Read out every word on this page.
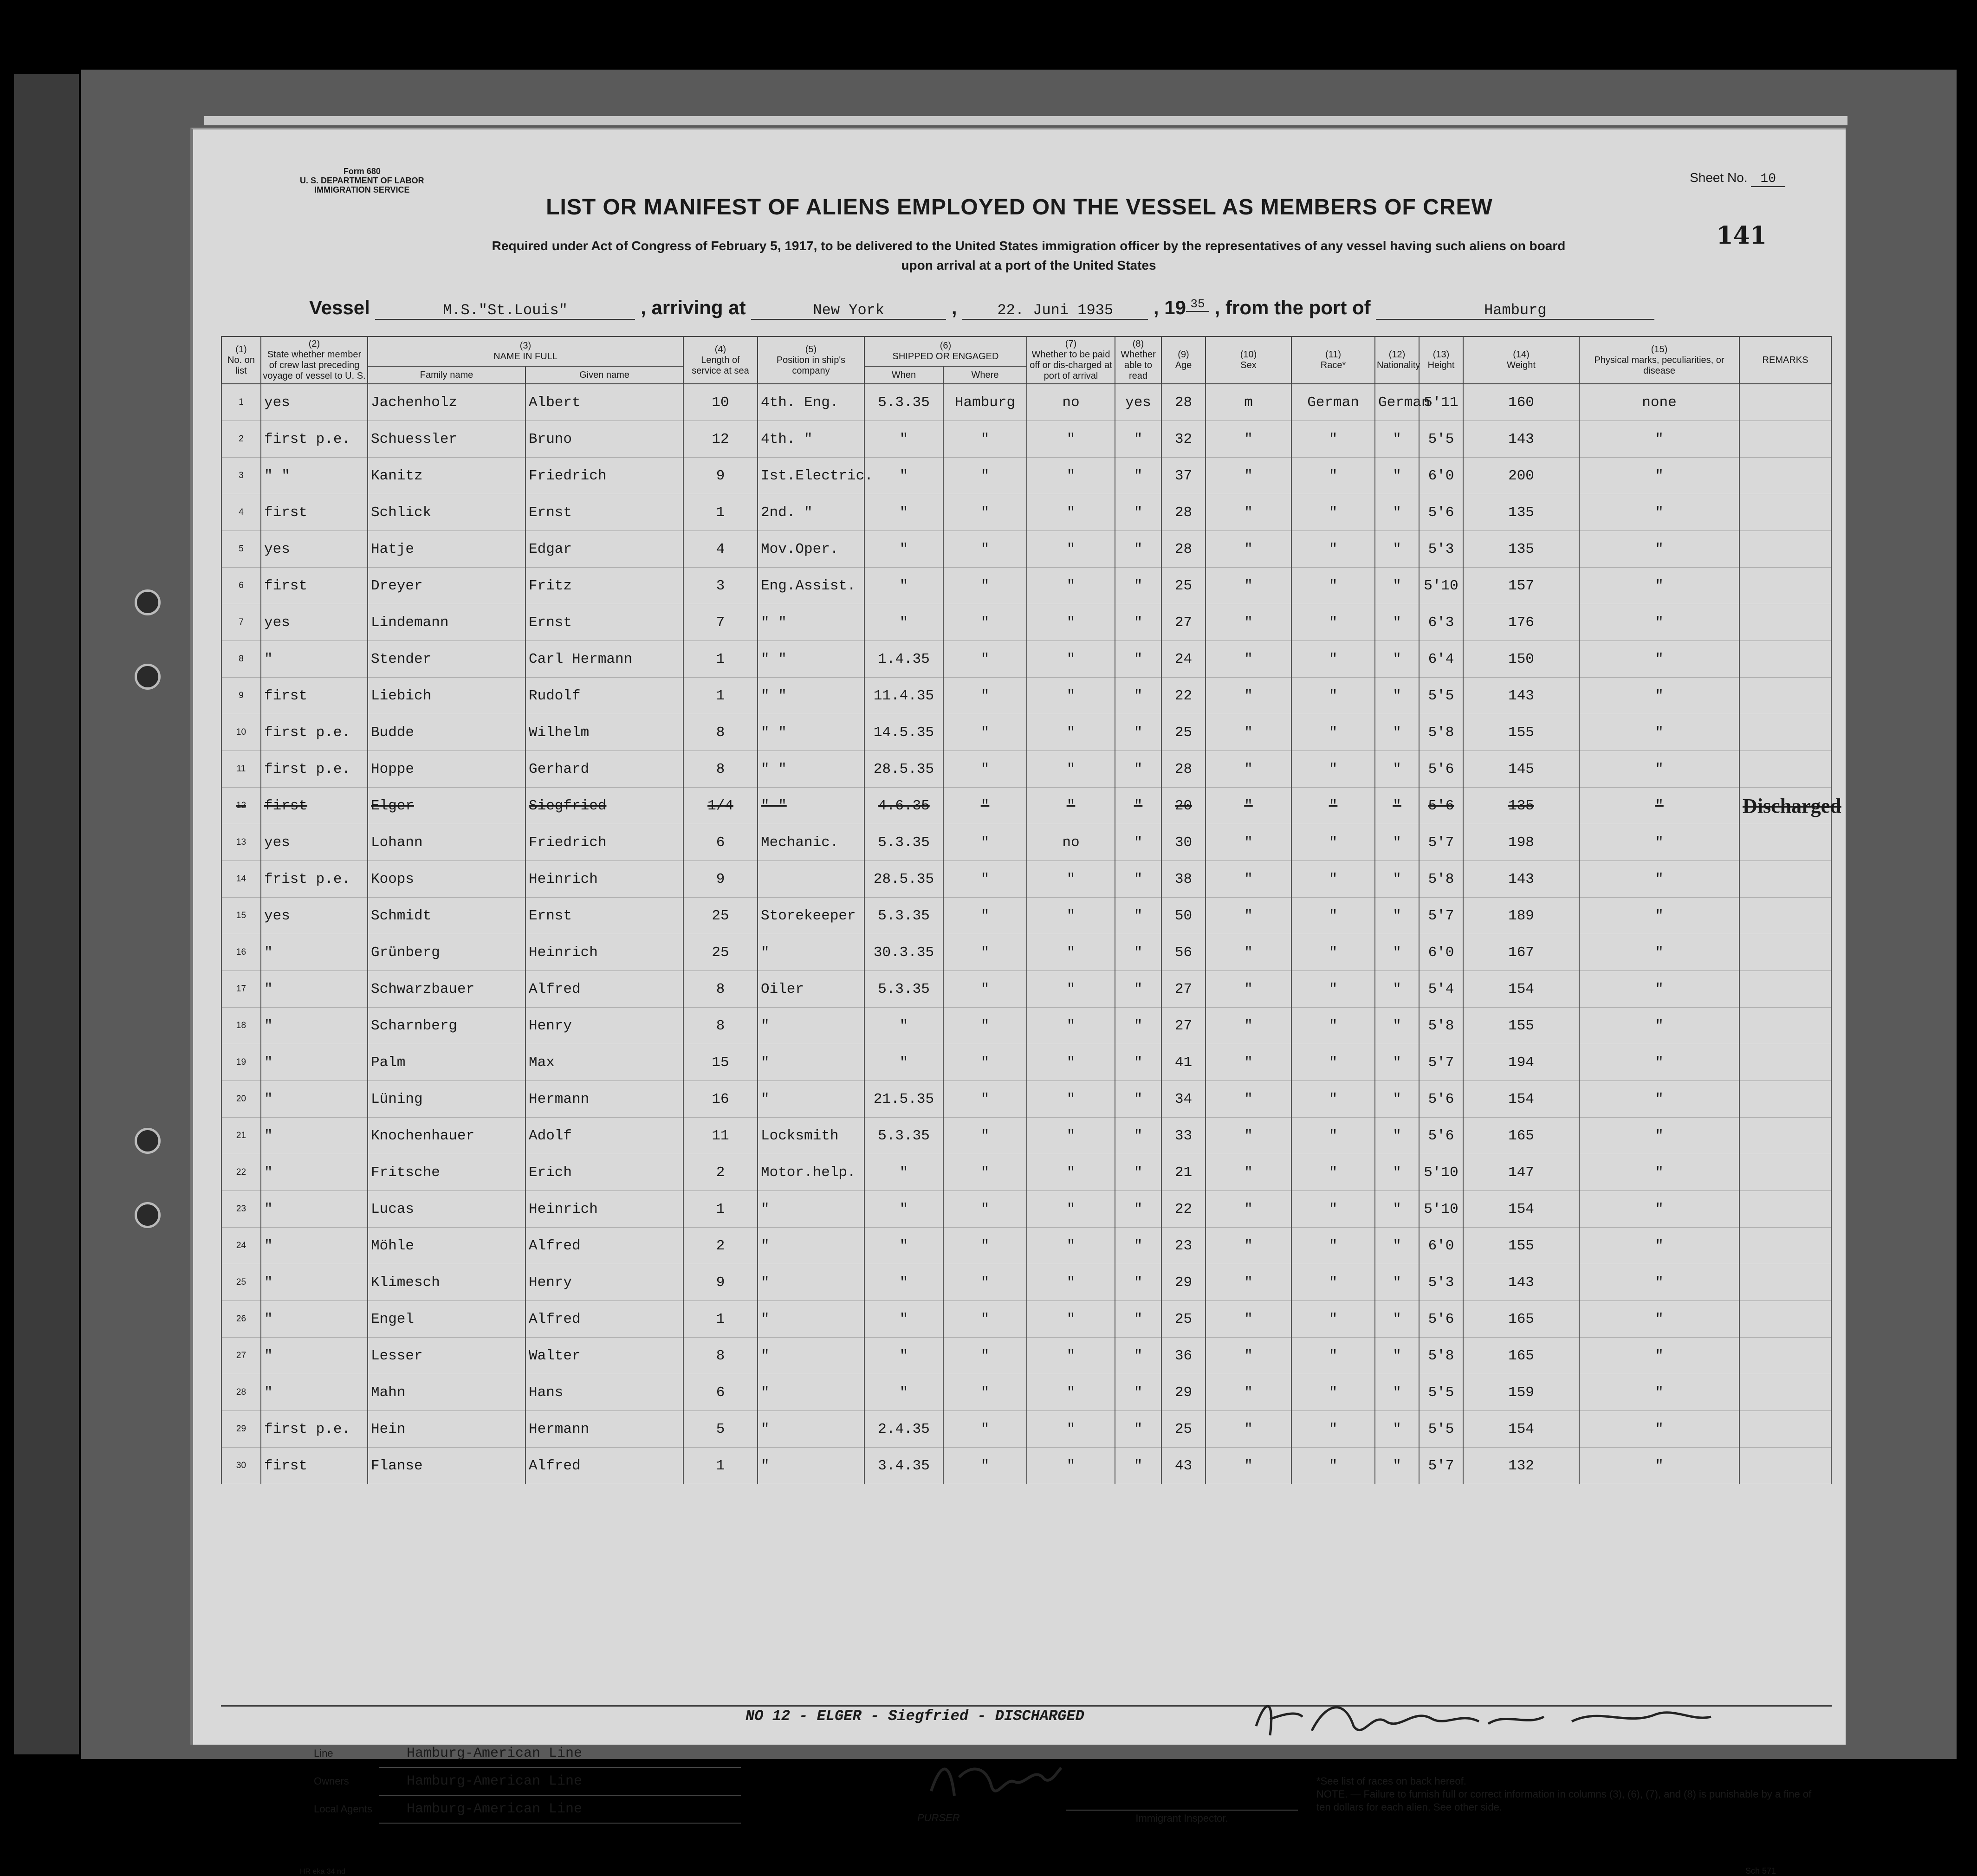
Form 680
U. S. DEPARTMENT OF LABOR
IMMIGRATION SERVICE
Sheet No. 10
141
LIST OR MANIFEST OF ALIENS EMPLOYED ON THE VESSEL AS MEMBERS OF CREW
Required under Act of Congress of February 5, 1917, to be delivered to the United States immigration officer by the representatives of any vessel having such aliens on board
upon arrival at a port of the United States
Vessel	M.S."St.Louis"	, arriving at	New York	,	22. Juni 1935 , 19 35 , from the port of	Hamburg
(1)
No. on list	(2)
State whether member of crew last preceding voyage of vessel to U. S.	(3)
NAME IN FULL		(4)
Length of service at sea	(5)
Position in ship's company	(6)
SHIPPED OR ENGAGED		(7)
Whether to be paid off or dis-charged at port of arrival	(8)
Whether able to read	(9)
Age	(10)
Sex	(11)
Race*	(12)
Nationality	(13)
Height	(14)
Weight	(15)
Physical marks, peculiarities, or disease	REMARKS
		Family name	Given name			When	Where										
1	yes	Jachenholz	Albert	10	4th. Eng.	5.3.35	Hamburg	no	yes	28	m	German	German	5'11	160	none	
2	first p.e.	Schuessler	Bruno	12	4th. "	"	"	"	"	32	"	"	"	5'5	143	"	
3	" "	Kanitz	Friedrich	9	Ist.Electric.	"	"	"	"	37	"	"	"	6'0	200	"	
4	first	Schlick	Ernst	1	2nd. "	"	"	"	"	28	"	"	"	5'6	135	"	
5	yes	Hatje	Edgar	4	Mov.Oper.	"	"	"	"	28	"	"	"	5'3	135	"	
6	first	Dreyer	Fritz	3	Eng.Assist.	"	"	"	"	25	"	"	"	5'10	157	"	
7	yes	Lindemann	Ernst	7	" "	"	"	"	"	27	"	"	"	6'3	176	"	
8	"	Stender	Carl Hermann	1	" "	1.4.35	"	"	"	24	"	"	"	6'4	150	"	
9	first	Liebich	Rudolf	1	" "	11.4.35	"	"	"	22	"	"	"	5'5	143	"	
10	first p.e.	Budde	Wilhelm	8	" "	14.5.35	"	"	"	25	"	"	"	5'8	155	"	
11	first p.e.	Hoppe	Gerhard	8	" "	28.5.35	"	"	"	28	"	"	"	5'6	145	"	
12	first	Elger	Siegfried	1/4	" "	4.6.35	"	"	"	20	"	"	"	5'6	135	"	Discharged
13	yes	Lohann	Friedrich	6	Mechanic.	5.3.35	"	no	"	30	"	"	"	5'7	198	"	
14	frist p.e.	Koops	Heinrich	9		28.5.35	"	"	"	38	"	"	"	5'8	143	"	
15	yes	Schmidt	Ernst	25	Storekeeper	5.3.35	"	"	"	50	"	"	"	5'7	189	"	
16	"	Grünberg	Heinrich	25	"	30.3.35	"	"	"	56	"	"	"	6'0	167	"	
17	"	Schwarzbauer	Alfred	8	Oiler	5.3.35	"	"	"	27	"	"	"	5'4	154	"	
18	"	Scharnberg	Henry	8	"	"	"	"	"	27	"	"	"	5'8	155	"	
19	"	Palm	Max	15	"	"	"	"	"	41	"	"	"	5'7	194	"	
20	"	Lüning	Hermann	16	"	21.5.35	"	"	"	34	"	"	"	5'6	154	"	
21	"	Knochenhauer	Adolf	11	Locksmith	5.3.35	"	"	"	33	"	"	"	5'6	165	"	
22	"	Fritsche	Erich	2	Motor.help.	"	"	"	"	21	"	"	"	5'10	147	"	
23	"	Lucas	Heinrich	1	"	"	"	"	"	22	"	"	"	5'10	154	"	
24	"	Möhle	Alfred	2	"	"	"	"	"	23	"	"	"	6'0	155	"	
25	"	Klimesch	Henry	9	"	"	"	"	"	29	"	"	"	5'3	143	"	
26	"	Engel	Alfred	1	"	"	"	"	"	25	"	"	"	5'6	165	"	
27	"	Lesser	Walter	8	"	"	"	"	"	36	"	"	"	5'8	165	"	
28	"	Mahn	Hans	6	"	"	"	"	"	29	"	"	"	5'5	159	"	
29	first p.e.	Hein	Hermann	5	"	2.4.35	"	"	"	25	"	"	"	5'5	154	"	
30	first	Flanse	Alfred	1	"	3.4.35	"	"	"	43	"	"	"	5'7	132	"	
NO 12 - ELGER - Siegfried - DISCHARGED
Line	Hamburg-American Line
Owners	Hamburg-American Line
Local Agents Hamburg-American Line
PURSER	Immigrant Inspector.
*See list of races on back hereof.
NOTE. — Failure to furnish full or correct information in columns (3), (6), (7), and (8) is punishable by a fine of ten dollars for each alien. See other side.
HR eka 34 nd	Sch 571
